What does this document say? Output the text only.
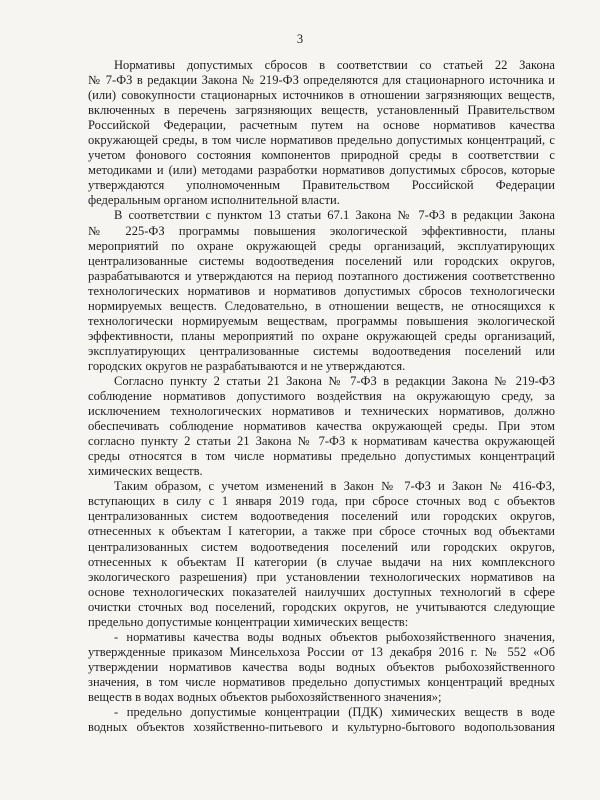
3
Нормативы допустимых сбросов в соответствии со статьей 22 Закона
№ 7-ФЗ в редакции Закона № 219-ФЗ определяются для стационарного источника и
(или) совокупности стационарных источников в отношении загрязняющих веществ,
включенных в перечень загрязняющих веществ, установленный Правительством
Российской Федерации, расчетным путем на основе нормативов качества
окружающей среды, в том числе нормативов предельно допустимых концентраций, с
учетом фонового состояния компонентов природной среды в соответствии с
методиками и (или) методами разработки нормативов допустимых сбросов, которые
утверждаются уполномоченным Правительством Российской Федерации
федеральным органом исполнительной власти.
В соответствии с пунктом 13 статьи 67.1 Закона № 7-ФЗ в редакции Закона
№ 225-ФЗ программы повышения экологической эффективности, планы
мероприятий по охране окружающей среды организаций, эксплуатирующих
централизованные системы водоотведения поселений или городских округов,
разрабатываются и утверждаются на период поэтапного достижения соответственно
технологических нормативов и нормативов допустимых сбросов технологически
нормируемых веществ. Следовательно, в отношении веществ, не относящихся к
технологически нормируемым веществам, программы повышения экологической
эффективности, планы мероприятий по охране окружающей среды организаций,
эксплуатирующих централизованные системы водоотведения поселений или
городских округов не разрабатываются и не утверждаются.
Согласно пункту 2 статьи 21 Закона № 7-ФЗ в редакции Закона № 219-ФЗ
соблюдение нормативов допустимого воздействия на окружающую среду, за
исключением технологических нормативов и технических нормативов, должно
обеспечивать соблюдение нормативов качества окружающей среды. При этом
согласно пункту 2 статьи 21 Закона № 7-ФЗ к нормативам качества окружающей
среды относятся в том числе нормативы предельно допустимых концентраций
химических веществ.
Таким образом, с учетом изменений в Закон № 7-ФЗ и Закон № 416-ФЗ,
вступающих в силу с 1 января 2019 года, при сбросе сточных вод с объектов
централизованных систем водоотведения поселений или городских округов,
отнесенных к объектам I категории, а также при сбросе сточных вод объектами
централизованных систем водоотведения поселений или городских округов,
отнесенных к объектам II категории (в случае выдачи на них комплексного
экологического разрешения) при установлении технологических нормативов на
основе технологических показателей наилучших доступных технологий в сфере
очистки сточных вод поселений, городских округов, не учитываются следующие
предельно допустимые концентрации химических веществ:
- нормативы качества воды водных объектов рыбохозяйственного значения,
утвержденные приказом Минсельхоза России от 13 декабря 2016 г. № 552 «Об
утверждении нормативов качества воды водных объектов рыбохозяйственного
значения, в том числе нормативов предельно допустимых концентраций вредных
веществ в водах водных объектов рыбохозяйственного значения»;
- предельно допустимые концентрации (ПДК) химических веществ в воде
водных объектов хозяйственно-питьевого и культурно-бытового водопользования
